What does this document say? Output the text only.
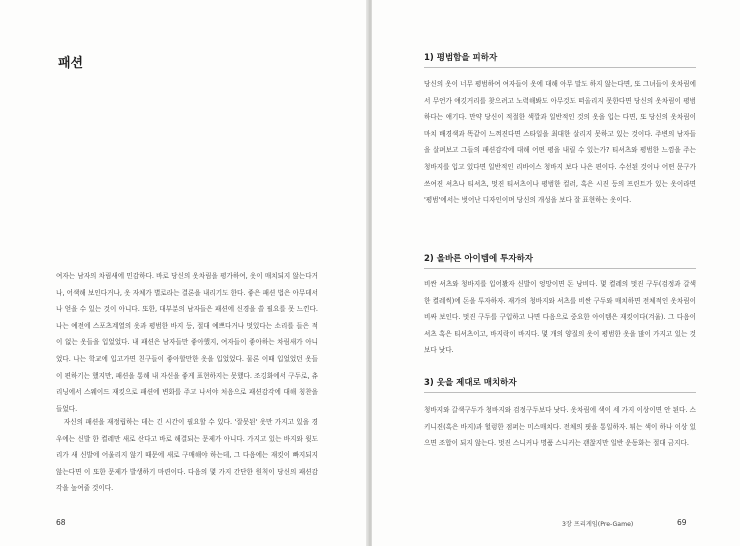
패션

여자는 남자의 차림새에 민감하다. 바로 당신의 옷차림을 평가하여, 옷이 매치되지 않는다거나, 어색해 보인다거나, 옷 자체가 별로라는 결론을 내리기도 한다. 좋은 패션 법은 아무데서나 얻을 수 있는 것이 아니다. 또한, 대부분의 남자들은 패션에 신경을 쓸 필요를 못 느낀다. 나는 예전에 스포츠계열의 옷과 평범한 바지 등, 절대 예쁘다거나 멋있다는 소리를 들은 적이 없는 옷들을 입었었다. 내 패션은 남자들만 좋아했지, 여자들이 좋아하는 차림새가 아니었다. 나는 학교에 입고가면 친구들이 좋아할만한 옷을 입었었다. 물론 이때 입었었던 옷들이 편하기는 했지만, 패션을 통해 내 자신을 좋게 표현하지는 못했다. 조깅화에서 구두로, 츄리닝에서 스웨이드 재킷으로 패션에 변화를 주고 나서야 처음으로 패션감각에 대해 칭찬을 들었다.

자신의 패션을 재정립하는 데는 긴 시간이 필요할 수 있다. '잘못된' 옷만 가지고 있을 경우에는 신발 한 켤레만 새로 산다고 바로 해결되는 문제가 아니다. 가지고 있는 바지와 윗도리가 새 신발에 어울리지 않기 때문에 새로 구매해야 하는데, 그 다음에는 재킷이 빠지되지 않는다면 이 또한 문제가 발생하기 마련이다. 다음의 몇 가지 간단한 원칙이 당신의 패션감각을 높여줄 것이다.

68
1) 평범함을 피하자

당신의 옷이 너무 평범하여 여자들이 옷에 대해 아무 말도 하지 않는다면, 또 그녀들이 옷차림에서 무언가 얘깃거리를 찾으려고 노력해봐도 아무것도 떠올리지 못한다면 당신의 옷차림이 평범하다는 얘기다. 만약 당신이 적절한 색깔과 일반적인 것의 옷을 입는 다면, 또 당신의 옷차림이 마치 배경색과 똑같이 느껴진다면 스타일을 최대한 살리지 못하고 있는 것이다. 주변의 남자들을 살펴보고 그들의 패션감각에 대해 어떤 평을 내릴 수 있는가? 티셔츠와 평범한 느낌을 주는 청바지를 입고 있다면 일반적인 리바이스 청바지 보다 나은 편이다. 수선된 것이나 어떤 문구가 쓰여진 셔츠나 티셔츠, 멋진 티셔츠이나 평범한 컬러, 혹은 시진 등의 프린트가 있는 옷이라면 '평범'에서는 벗어난 디자인이며 당신의 개성을 보다 잘 표현하는 옷이다.

2) 올바른 아이템에 투자하자

비싼 셔츠와 청바지를 입어봤자 신발이 엉망이면 돈 낭비다. 몇 켤레의 멋진 구두(검정과 갈색 한 켤레씩)에 돈을 투자하자. 재가의 청바지와 셔츠를 비싼 구두와 매치하면 전체적인 옷차림이 비싸 보인다. 멋진 구두를 구입하고 나면 다음으로 중요한 아이템은 재킷이다(겨울). 그 다음이 셔츠 혹은 티셔츠이고, 바지락이 바지다. 몇 개의 양질의 옷이 평범한 옷을 많이 가지고 있는 것보다 낫다.

3) 옷을 제대로 매치하자

청바지와 갈색구두가 청바지와 검정구두보다 낫다. 옷차림에 색이 세 가지 이상이면 안 된다. 스키니진(혹은 바지)과 헐렁한 점퍼는 미스매치다. 전체의 핏을 통일하자. 튀는 색이 하나 이상 있으면 조합이 되지 않는다. 멋진 스니커나 명품 스니커는 괜찮지만 일반 운동화는 절대 금지다.

3장 프리게임(Pre-Game)	69
